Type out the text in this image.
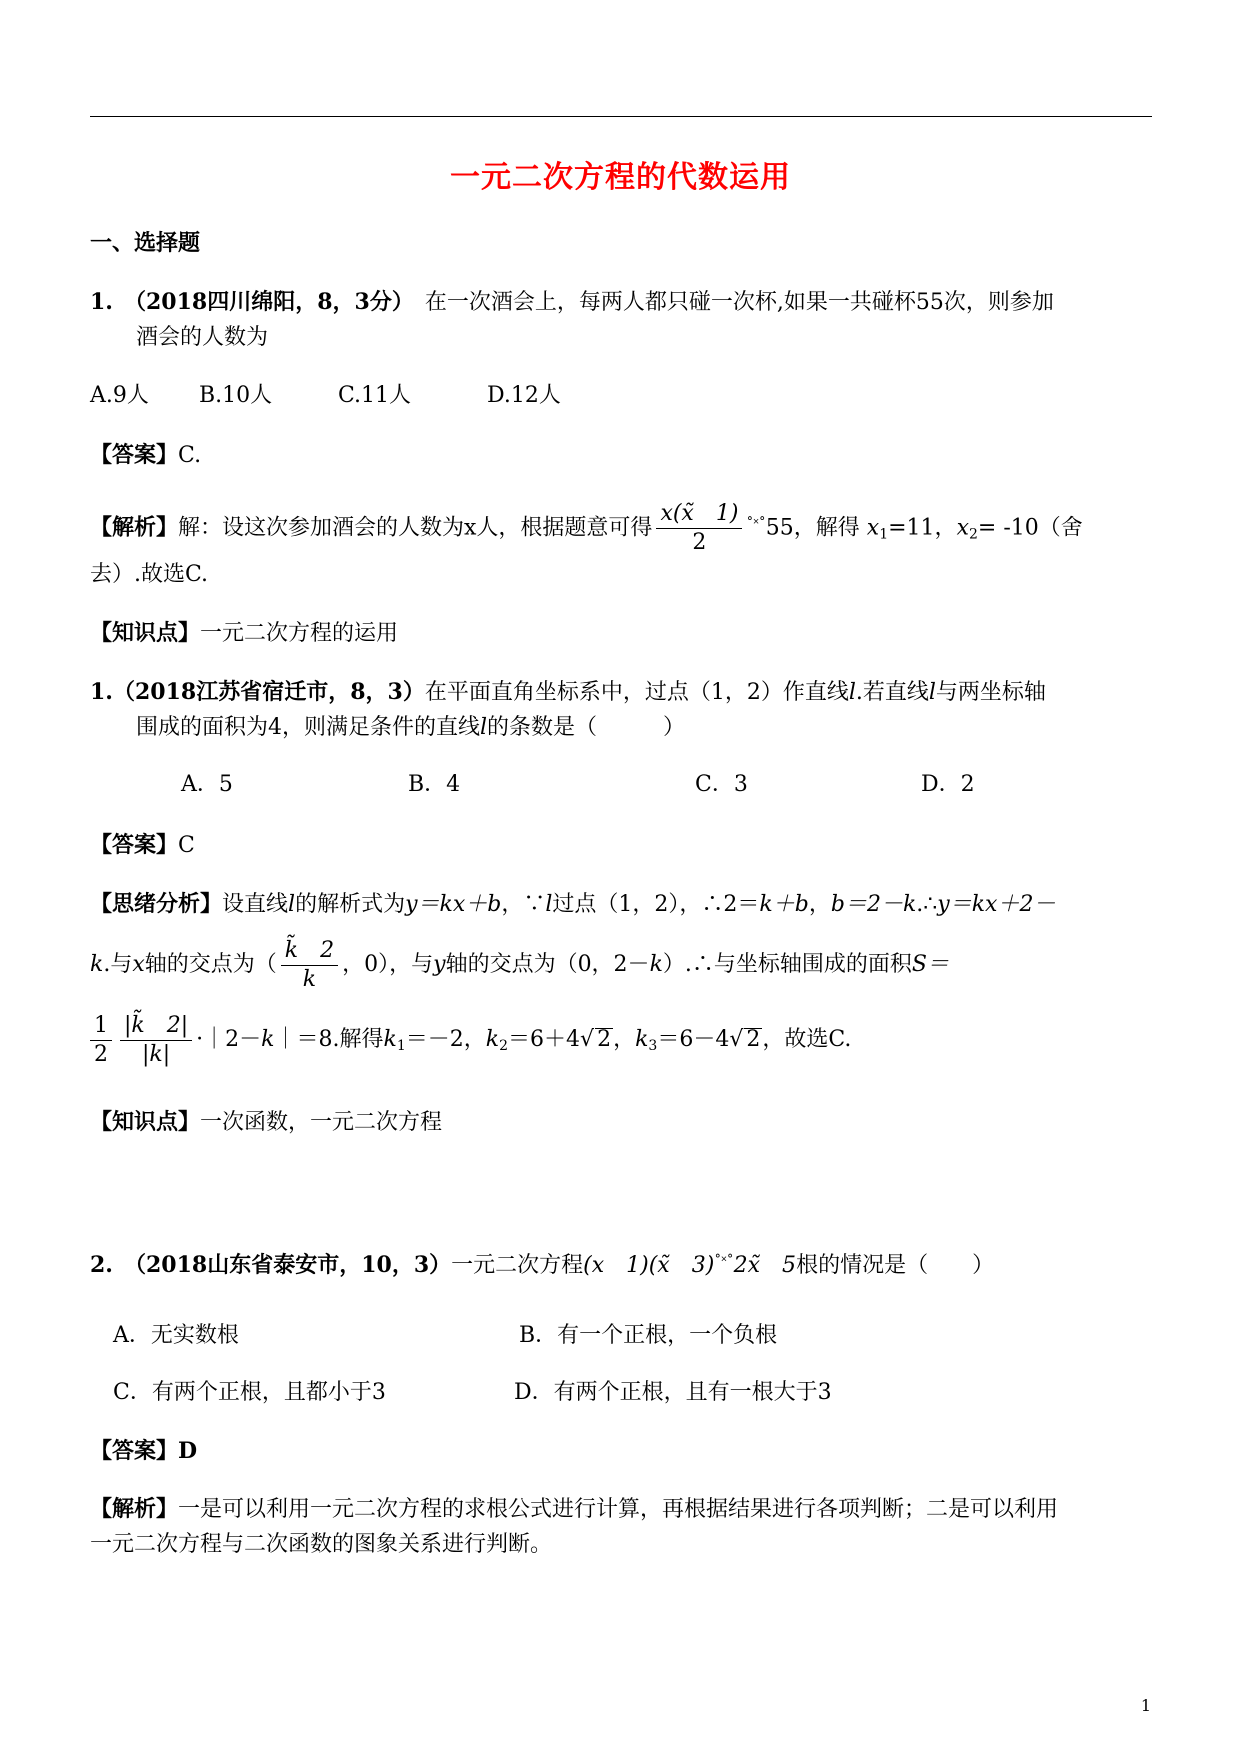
一元二次方程的代数运用
一、选择题
1.　（2018四川绵阳，8，3分）　在一次酒会上，每两人都只碰一次杯,如果一共碰杯55次，则参加
酒会的人数为
A.9人 B.10人	C.11人	D.12人
【答案】C.
【解析】解：设这次参加酒会的人数为x人，根据题意可得 $\frac{x(x̃ 1)}{2} ^{˚˟˚}55$，解得 $x_1=11$，$x_2= -10$（舍
去）.故选C.
【知识点】一元二次方程的运用
1.（2018江苏省宿迁市，8，3）在平面直角坐标系中，过点（1，2）作直线l.若直线l与两坐标轴
围成的面积为4，则满足条件的直线l的条数是（　　　）
A．5	B．4	C．3	D．2
【答案】C
【思绪分析】设直线l的解析式为y＝kx＋b，∵l过点（1，2），∴2＝k＋b，b＝2－k.∴y＝kx＋2－
k.与x轴的交点为（ $\frac{k̃ 2}{k}$ ，0），与y轴的交点为（0，2－k）.∴与坐标轴围成的面积S＝
$\frac{1}{2} \frac{|k̃ 2|}{|k|}$ ·｜2－k｜＝8.解得$k_1=-2$，$k_2=6+4√$ 2，$k_3=6-4√$ 2，故选C.
【知识点】一次函数，一元二次方程
2.　（2018山东省泰安市，10，3）一元二次方程(x　1)(x̃　3)˚˟˚2x̃　5根的情况是（　　）
A．无实数根	B．有一个正根，一个负根
C．有两个正根，且都小于3	D．有两个正根，且有一根大于3
【答案】D
【解析】一是可以利用一元二次方程的求根公式进行计算，再根据结果进行各项判断；二是可以利用
一元二次方程与二次函数的图象关系进行判断。
1
